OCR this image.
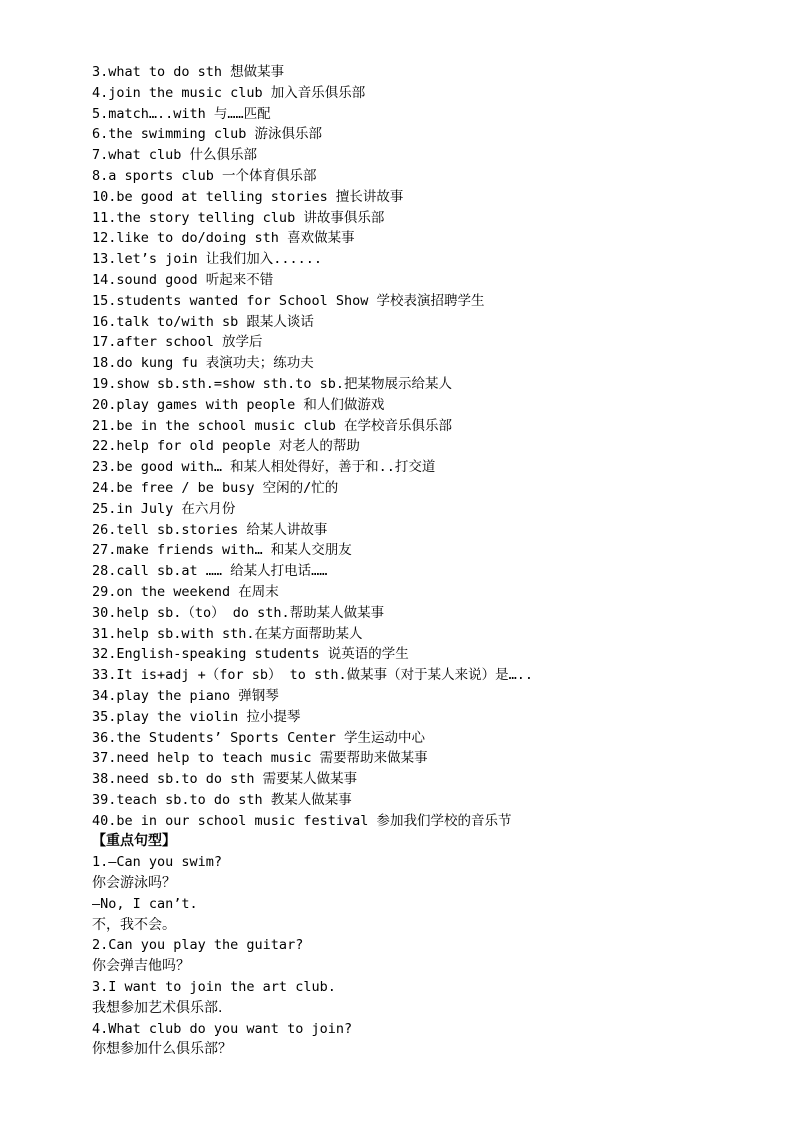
3.what to do sth 想做某事
4.join the music club 加入音乐俱乐部
5.match…..with 与……匹配
6.the swimming club 游泳俱乐部
7.what club 什么俱乐部
8.a sports club 一个体育俱乐部
10.be good at telling stories 擅长讲故事
11.the story telling club 讲故事俱乐部
12.like to do/doing sth 喜欢做某事
13.let’s join 让我们加入......
14.sound good 听起来不错
15.students wanted for School Show 学校表演招聘学生
16.talk to/with sb 跟某人谈话
17.after school 放学后
18.do kung fu 表演功夫；练功夫
19.show sb.sth.=show sth.to sb.把某物展示给某人
20.play games with people 和人们做游戏
21.be in the school music club 在学校音乐俱乐部
22.help for old people 对老人的帮助
23.be good with… 和某人相处得好，善于和..打交道
24.be free / be busy 空闲的/忙的
25.in July 在六月份
26.tell sb.stories 给某人讲故事
27.make friends with… 和某人交朋友
28.call sb.at …… 给某人打电话……
29.on the weekend 在周末
30.help sb.（to） do sth.帮助某人做某事
31.help sb.with sth.在某方面帮助某人
32.English-speaking students 说英语的学生
33.It is+adj +（for sb） to sth.做某事（对于某人来说）是…..
34.play the piano 弹钢琴
35.play the violin 拉小提琴
36.the Students’ Sports Center 学生运动中心
37.need help to teach music 需要帮助来做某事
38.need sb.to do sth 需要某人做某事
39.teach sb.to do sth 教某人做某事
40.be in our school music festival 参加我们学校的音乐节
【重点句型】
1.—Can you swim?
你会游泳吗？
—No, I can’t.
不，我不会。
2.Can you play the guitar?
你会弹吉他吗？
3.I want to join the art club.
我想参加艺术俱乐部.
4.What club do you want to join?
你想参加什么俱乐部？
